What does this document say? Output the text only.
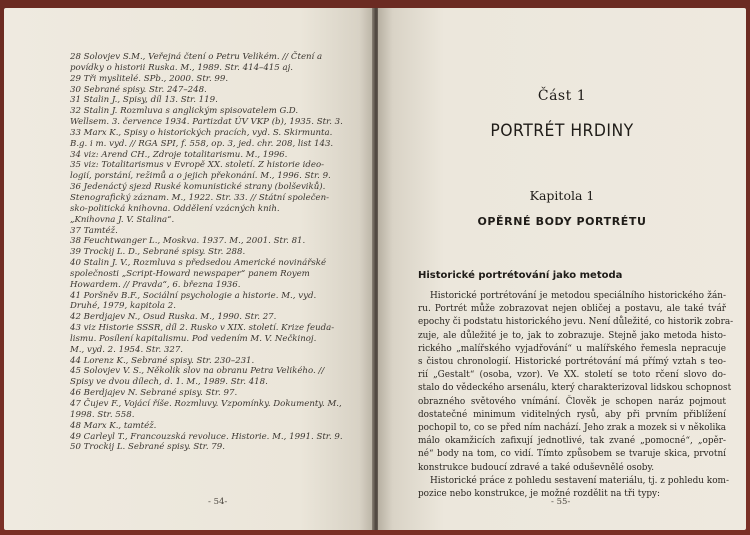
28 Solovjev S.M., Veřejná čtení o Petru Velikém. // Čtení a
povídky o historii Ruska. M., 1989. Str. 414–415 aj.
29 Tři myslitelé. SPb., 2000. Str. 99.
30 Sebrané spisy. Str. 247–248.
31 Stalin J., Spisy, díl 13. Str. 119.
32 Stalin J. Rozmluva s anglickým spisovatelem G.D.
Wellsem. 3. července 1934. Partizdat ÚV VKP (b), 1935. Str. 3.
33 Marx K., Spisy o historických pracích, vyd. S. Skirmunta.
B.g. i m. vyd. // RGA SPI, f. 558, op. 3, jed. chr. 208, list 143.
34 viz: Arend CH., Zdroje totalitarismu. M., 1996.
35 viz: Totalitarismus v Evropě XX. století. Z historie ideo-
logií, porstání, režimů a o jejich překonání. M., 1996. Str. 9.
36 Jedenáctý sjezd Ruské komunistické strany (bolševiků).
Stenografický záznam. M., 1922. Str. 33. // Státní společen-
sko-politická knihovna. Oddělení vzácných knih.
„Knihovna J. V. Stalina“.
37 Tamtéž.
38 Feuchtwanger L., Moskva. 1937. M., 2001. Str. 81.
39 Trockij L. D., Sebrané spisy. Str. 288.
40 Stalin J. V., Rozmluva s předsedou Americké novinářské
společnosti „Script-Howard newspaper“ panem Royem
Howardem. // Pravda“, 6. března 1936.
41 Poršněv B.F., Sociální psychologie a historie. M., vyd.
Druhé, 1979, kapitola 2.
42 Berdjajev N., Osud Ruska. M., 1990. Str. 27.
43 viz Historie SSSR, díl 2. Rusko v XIX. století. Krize feuda-
lismu. Posílení kapitalismu. Pod vedením M. V. Nečkinoj.
M., vyd. 2. 1954. Str. 327.
44 Lorenz K., Sebrané spisy. Str. 230–231.
45 Solovjev V. S., Několik slov na obranu Petra Velikého. //
Spisy ve dvou dílech, d. 1. M., 1989. Str. 418.
46 Berdjajev N. Sebrané spisy. Str. 97.
47 Čujev F., Vojácí říše. Rozmluvy. Vzpomínky. Dokumenty. M.,
1998. Str. 558.
48 Marx K., tamtéž.
49 Carleyl T., Francouzská revoluce. Historie. M., 1991. Str. 9.
50 Trockij L. Sebrané spisy. Str. 79.
- 54-
Část 1
PORTRÉT HRDINY
Kapitola 1
OPĚRNÉ BODY PORTRÉTU
Historické portrétování jako metoda

Historické portrétování je metodou speciálního historického žán-
ru. Portrét může zobrazovat nejen obličej a postavu, ale také tvář
epochy či podstatu historického jevu. Není důležité, co historik zobra-
zuje, ale důležité je to, jak to zobrazuje. Stejně jako metoda histo-
rického „malířského vyjadřování“ u malířského řemesla nepracuje
s čistou chronologií. Historické portrétování má přímý vztah s teo-
rií „Gestalt“ (osoba, vzor). Ve XX. století se toto rčení slovo do-
stalo do vědeckého arsenálu, který charakterizoval lidskou schopnost
obrazného světového vnímání. Člověk je schopen naráz pojmout
dostatečné minimum viditelných rysů, aby při prvním přiblížení
pochopil to, co se před ním nachází. Jeho zrak a mozek si v několika
málo okamžicích zafixují jednotlivé, tak zvané „pomocné“, „opěr-
né“ body na tom, co vidí. Tímto způsobem se tvaruje skica, prvotní
konstrukce budoucí zdravé a také oduševnělé osoby.

Historické práce z pohledu sestavení materiálu, tj. z pohledu kom-
pozice nebo konstrukce, je možné rozdělit na tři typy:

- 55-
